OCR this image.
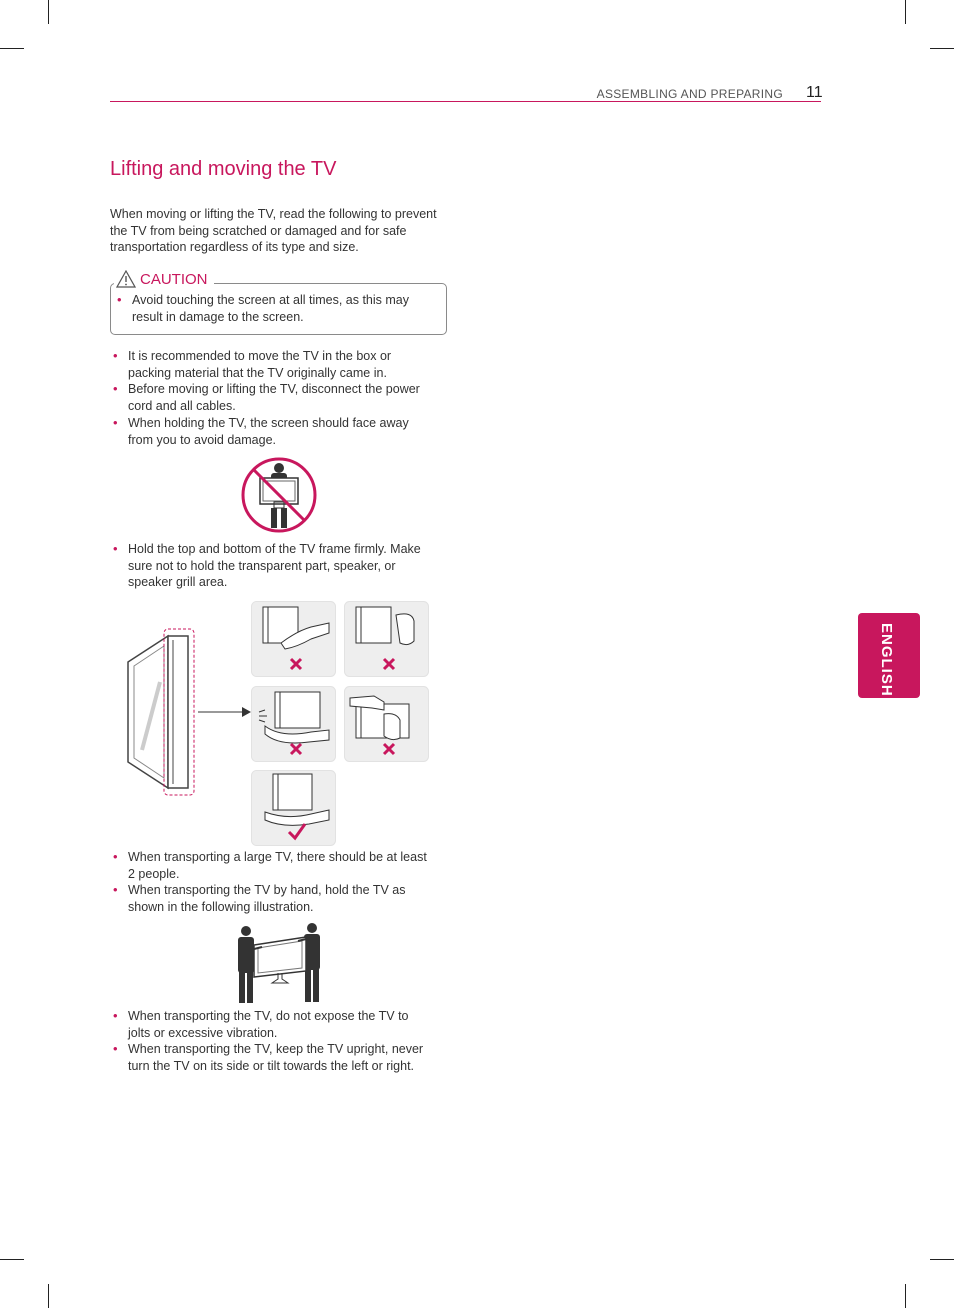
ASSEMBLING AND PREPARING 11
Lifting and moving the TV

When moving or lifting the TV, read the following to prevent the TV from being scratched or damaged and for safe transportation regardless of its type and size.

CAUTION
• Avoid touching the screen at all times, as this may result in damage to the screen.
• It is recommended to move the TV in the box or packing material that the TV originally came in.
• Before moving or lifting the TV, disconnect the power cord and all cables.
• When holding the TV, the screen should face away from you to avoid damage.
• Hold the top and bottom of the TV frame firmly. Make sure not to hold the transparent part, speaker, or speaker grill area.
• When transporting a large TV, there should be at least 2 people.
• When transporting the TV by hand, hold the TV as shown in the following illustration.
• When transporting the TV, do not expose the TV to jolts or excessive vibration.
• When transporting the TV, keep the TV upright, never turn the TV on its side or tilt towards the left or right.
ENGLISH
